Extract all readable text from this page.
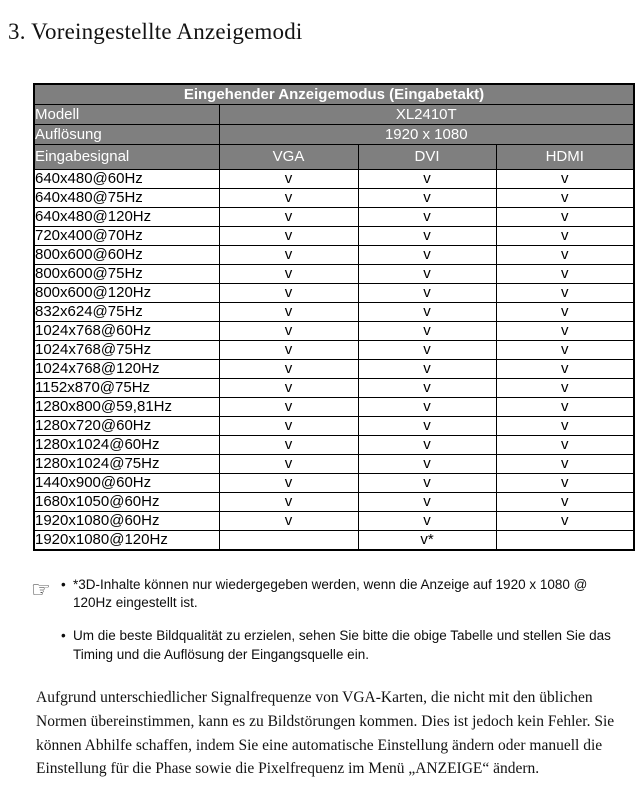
3. Voreingestellte Anzeigemodi
Eingehender Anzeigemodus (Eingabetakt)			
Modell	XL2410T		
Auflösung	1920 x 1080		
Eingabesignal	VGA	DVI	HDMI
640x480@60Hz	v	v	v
640x480@75Hz	v	v	v
640x480@120Hz	v	v	v
720x400@70Hz	v	v	v
800x600@60Hz	v	v	v
800x600@75Hz	v	v	v
800x600@120Hz	v	v	v
832x624@75Hz	v	v	v
1024x768@60Hz	v	v	v
1024x768@75Hz	v	v	v
1024x768@120Hz	v	v	v
1152x870@75Hz	v	v	v
1280x800@59,81Hz	v	v	v
1280x720@60Hz	v	v	v
1280x1024@60Hz	v	v	v
1280x1024@75Hz	v	v	v
1440x900@60Hz	v	v	v
1680x1050@60Hz	v	v	v
1920x1080@60Hz	v	v	v
1920x1080@120Hz		v*	
☞	• *3D-Inhalte können nur wiedergegeben werden, wenn die Anzeige auf 1920 x 1080 @ 120Hz eingestellt ist.
• Um die beste Bildqualität zu erzielen, sehen Sie bitte die obige Tabelle und stellen Sie das Timing und die Auflösung der Eingangsquelle ein.

Aufgrund unterschiedlicher Signalfrequenze von VGA-Karten, die nicht mit den üblichen Normen übereinstimmen, kann es zu Bildstörungen kommen. Dies ist jedoch kein Fehler. Sie können Abhilfe schaffen, indem Sie eine automatische Einstellung ändern oder manuell die Einstellung für die Phase sowie die Pixelfrequenz im Menü „ANZEIGE“ ändern.
